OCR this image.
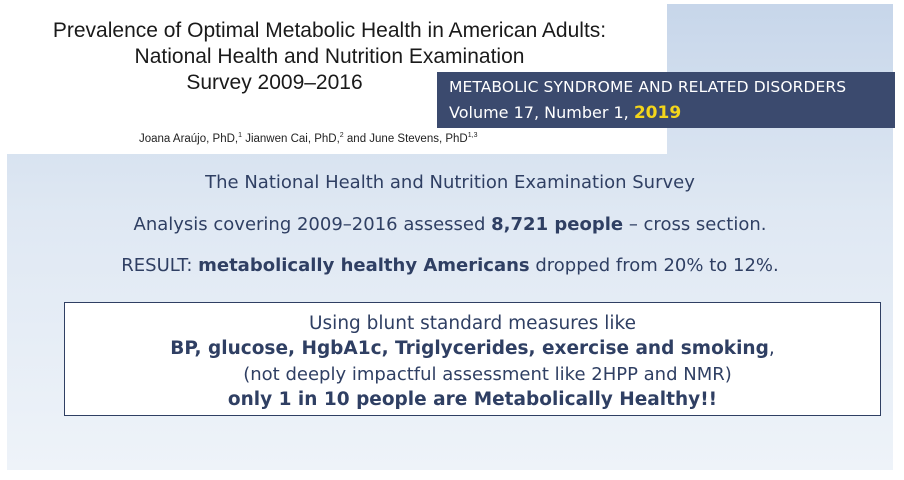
Prevalence of Optimal Metabolic Health in American Adults:
National Health and Nutrition Examination
Survey 2009–2016
Joana Araújo, PhD,$^1$ Jianwen Cai, PhD,$^2$ and June Stevens, PhD$^{1,3}$
The National Health and Nutrition Examination Survey
Analysis covering 2009–2016 assessed 8,721 people – cross section.
RESULT: metabolically healthy Americans dropped from 20% to 12%.
Using blunt standard measures like
BP, glucose, HgbA1c, Triglycerides, exercise and smoking,
(not deeply impactful assessment like 2HPP and NMR)
only 1 in 10 people are Metabolically Healthy!!
METABOLIC SYNDROME AND RELATED DISORDERS
Volume 17, Number 1, 2019
